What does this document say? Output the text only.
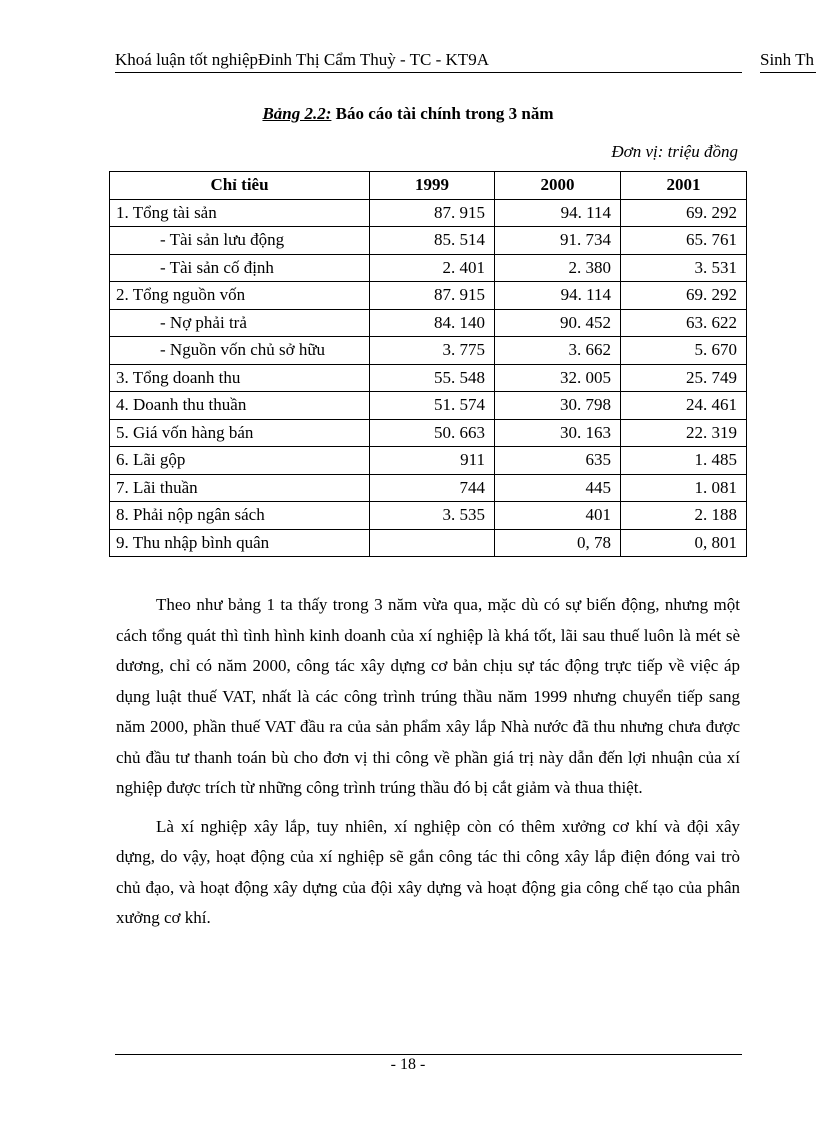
Khoá luận tốt nghiệpĐinh Thị Cẩm Thuỳ - TC - KT9A	Sinh Th
Bảng 2.2: Báo cáo tài chính trong 3 năm
Đơn vị: triệu đồng
Chỉ tiêu	1999	2000	2001
1. Tổng tài sản	87. 915	94. 114	69. 292
- Tài sản lưu động	85. 514	91. 734	65. 761
- Tài sản cố định	2. 401	2. 380	3. 531
2. Tổng nguồn vốn	87. 915	94. 114	69. 292
- Nợ phải trả	84. 140	90. 452	63. 622
- Nguồn vốn chủ sở hữu	3. 775	3. 662	5. 670
3. Tổng doanh thu	55. 548	32. 005	25. 749
4. Doanh thu thuần	51. 574	30. 798	24. 461
5. Giá vốn hàng bán	50. 663	30. 163	22. 319
6. Lãi gộp	911	635	1. 485
7. Lãi thuần	744	445	1. 081
8. Phải nộp ngân sách	3. 535	401	2. 188
9. Thu nhập bình quân		0, 78	0, 801

Theo như bảng 1 ta thấy trong 3 năm vừa qua, mặc dù có sự biến động, nhưng một cách tổng quát thì tình hình kinh doanh của xí nghiệp là khá tốt, lãi sau thuế luôn là mét sè dương, chỉ có năm 2000, công tác xây dựng cơ bản chịu sự tác động trực tiếp về việc áp dụng luật thuế VAT, nhất là các công trình trúng thầu năm 1999 nhưng chuyển tiếp sang năm 2000, phần thuế VAT đầu ra của sản phẩm xây lắp Nhà nước đã thu nhưng chưa được chủ đầu tư thanh toán bù cho đơn vị thi công về phần giá trị này dẫn đến lợi nhuận của xí nghiệp được trích từ những công trình trúng thầu đó bị cắt giảm và thua thiệt.

Là xí nghiệp xây lắp, tuy nhiên, xí nghiệp còn có thêm xưởng cơ khí và đội xây dựng, do vậy, hoạt động của xí nghiệp sẽ gắn công tác thi công xây lắp điện đóng vai trò chủ đạo, và hoạt động xây dựng của đội xây dựng và hoạt động gia công chế tạo của phân xưởng cơ khí.

- 18 -
